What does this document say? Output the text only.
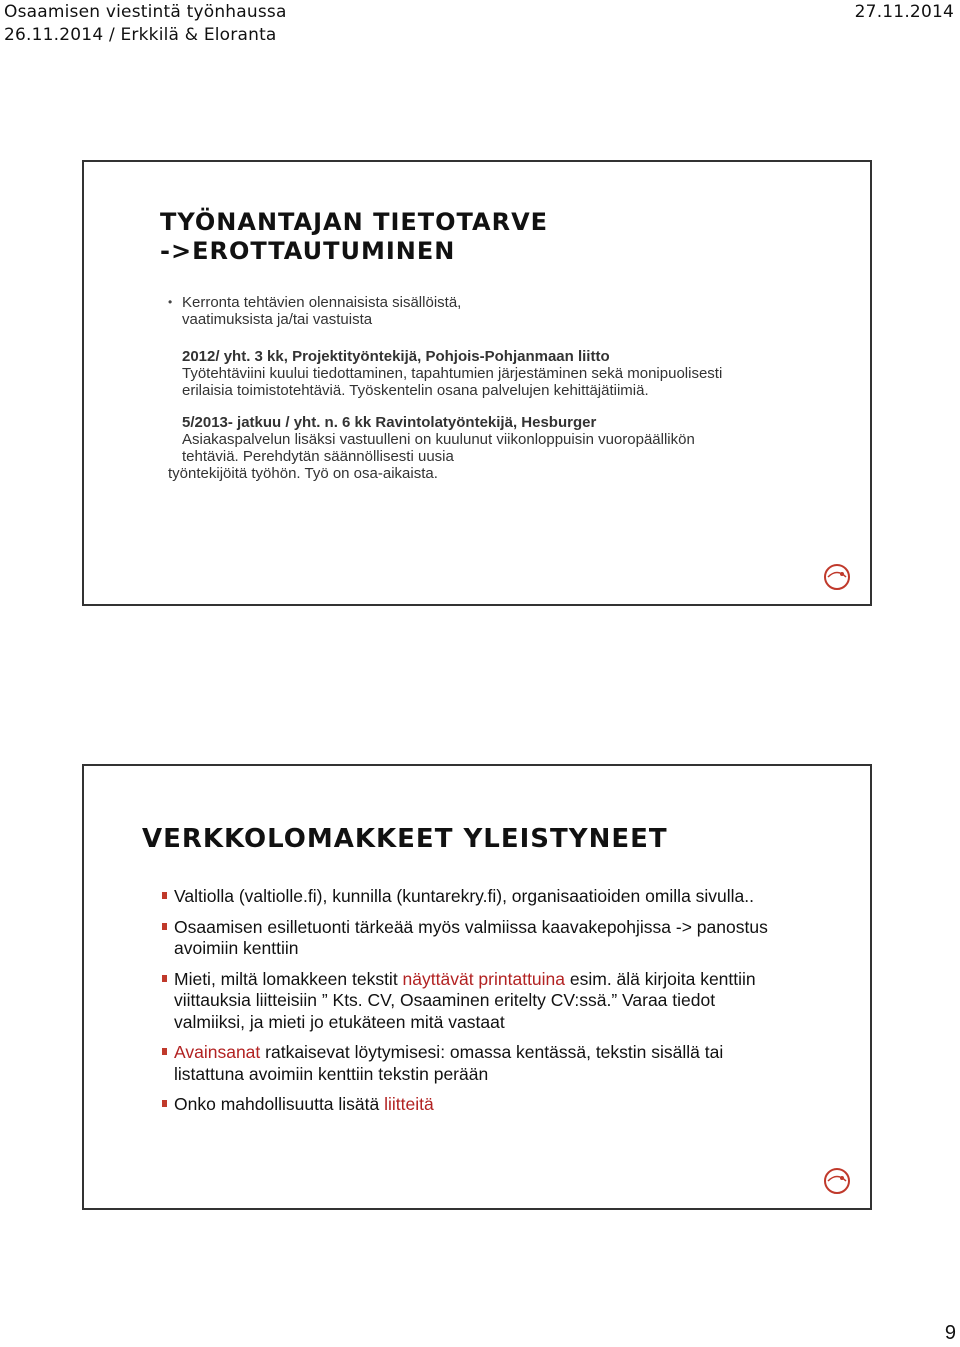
Osaamisen viestintä työnhaussa	27.11.2014
26.11.2014 / Erkkilä & Eloranta
TYÖNANTAJAN TIETOTARVE
->EROTTAUTUMINEN
• Kerronta tehtävien olennaisista sisällöistä,
vaatimuksista ja/tai vastuista
2012/ yht. 3 kk, Projektityöntekijä, Pohjois-Pohjanmaan liitto
Työtehtäviini kuului tiedottaminen, tapahtumien järjestäminen sekä monipuolisesti erilaisia toimistotehtäviä. Työskentelin osana palvelujen kehittäjätiimiä.
5/2013- jatkuu / yht. n. 6 kk Ravintolatyöntekijä, Hesburger
Asiakaspalvelun lisäksi vastuulleni on kuulunut viikonloppuisin vuoropäällikön tehtäviä. Perehdytän säännöllisesti uusia
työntekijöitä työhön. Työ on osa-aikaista.
VERKKOLOMAKKEET YLEISTYNEET
Valtiolla (valtiolle.fi), kunnilla (kuntarekry.fi), organisaatioiden omilla sivulla..
Osaamisen esilletuonti tärkeää myös valmiissa kaavakepohjissa -> panostus avoimiin kenttiin
Mieti, miltä lomakkeen tekstit näyttävät printattuina esim. älä kirjoita kenttiin viittauksia liitteisiin ” Kts. CV, Osaaminen eritelty CV:ssä.” Varaa tiedot valmiiksi, ja mieti jo etukäteen mitä vastaat
Avainsanat ratkaisevat löytymisesi: omassa kentässä, tekstin sisällä tai listattuna avoimiin kenttiin tekstin perään
Onko mahdollisuutta lisätä liitteitä
9
